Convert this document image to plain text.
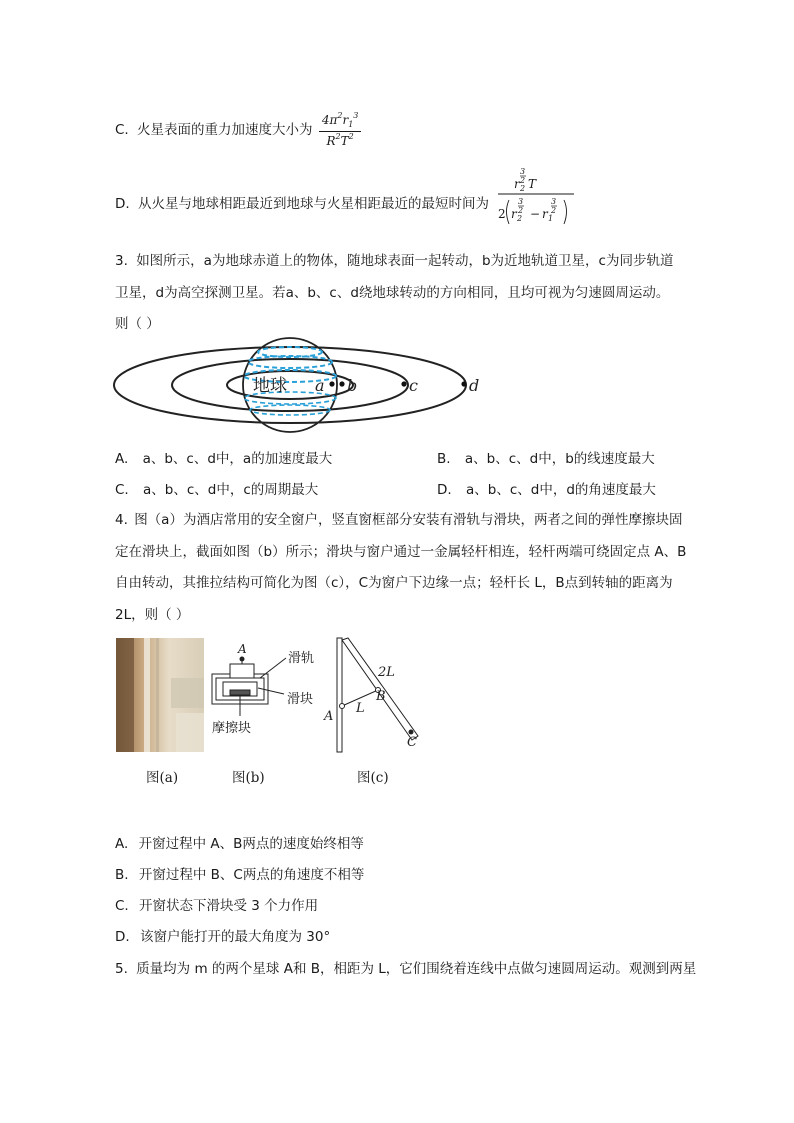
C. 火星表面的重力加速度大小为 $\frac{4\pi^2r_1^3}{R^2T^2}$
D. 从火星与地球相距最近到地球与火星相距最近的最短时间为
3
2
r 2 T
2
3
2
r 2 −
3
2
r 1
3. 如图所示，a为地球赤道上的物体，随地球表面一起转动，b为近地轨道卫星，c为同步轨道
卫星，d为高空探测卫星。若a、b、c、d绕地球转动的方向相同，且均可视为匀速圆周运动。
则（ ）
地球 a b	c	d
A. a、b、c、d中，a的加速度最大	B. a、b、c、d中，b的线速度最大
C. a、b、c、d中，c的周期最大	D. a、b、c、d中，d的角速度最大
4. 图（a）为酒店常用的安全窗户，竖直窗框部分安装有滑轨与滑块，两者之间的弹性摩擦块固
定在滑块上，截面如图（b）所示；滑块与窗户通过一金属轻杆相连，轻杆两端可绕固定点 A、B
自由转动，其推拉结构可简化为图（c），C为窗户下边缘一点；轻杆长 L，B点到转轴的距离为
2L，则（ ）
图(a)
A
滑轨
滑块
摩擦块
图(b)
A
B
C
L
2L
图(c)
A. 开窗过程中 A、B两点的速度始终相等
B. 开窗过程中 B、C两点的角速度不相等
C. 开窗状态下滑块受 3 个力作用
D. 该窗户能打开的最大角度为 30°
5. 质量均为 m 的两个星球 A和 B，相距为 L，它们围绕着连线中点做匀速圆周运动。观测到两星
